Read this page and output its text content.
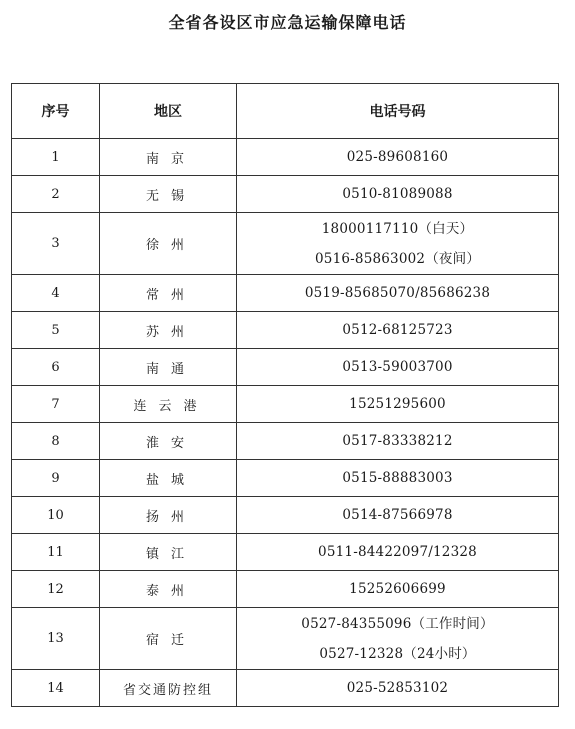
全省各设区市应急运输保障电话
序号	地区	电话号码
1	南京	025-89608160

2	无锡	0510-81089088

3	徐州	18000117110（白天）
0516-85863002（夜间）

4	常州	0519-85685070/85686238

5	苏州	0512-68125723

6	南通	0513-59003700

7	连云港	15251295600

8	淮安	0517-83338212

9	盐城	0515-88883003

10	扬州	0514-87566978

11	镇江	0511-84422097/12328

12	泰州	15252606699

13	宿迁	0527-84355096（工作时间）
0527-12328（24小时）

14	省交通防控组	025-52853102
